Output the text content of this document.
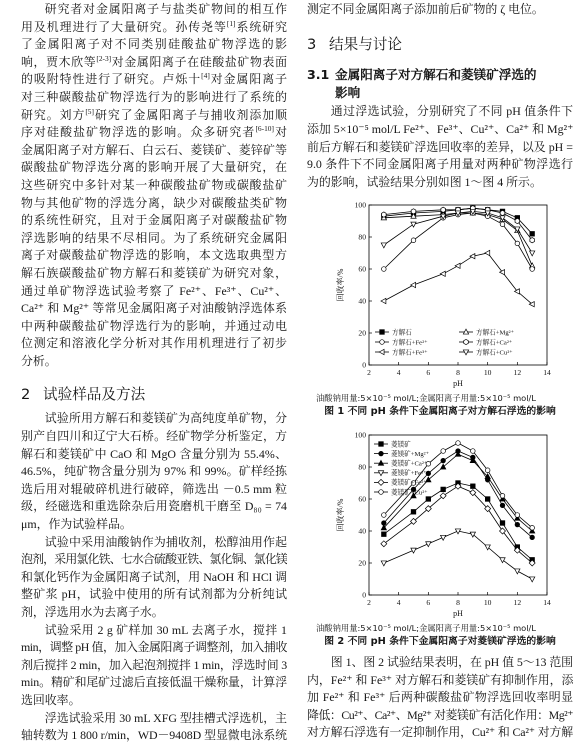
研究者对金属阳离子与盐类矿物间的相互作
用及机理进行了大量研究。孙传尧等[1]系统研究
了金属阳离子对不同类别硅酸盐矿物浮选的影
响，贾木欣等[2-3]对金属阳离子在硅酸盐矿物表面
的吸附特性进行了研究。卢烁十[4]对金属阳离子
对三种碳酸盐矿物浮选行为的影响进行了系统的
研究。刘方[5]研究了金属阳离子与捕收剂添加顺
序对硅酸盐矿物浮选的影响。众多研究者[6-10]对
金属阳离子对方解石、白云石、菱镁矿、菱锌矿等
碳酸盐矿物浮选分离的影响开展了大量研究，在
这些研究中多针对某一种碳酸盐矿物或碳酸盐矿
物与其他矿物的浮选分离，缺少对碳酸盐类矿物
的系统性研究，且对于金属阳离子对碳酸盐矿物
浮选影响的结果不尽相同。为了系统研究金属阳
离子对碳酸盐矿物浮选的影响，本文选取典型方
解石族碳酸盐矿物方解石和菱镁矿为研究对象，
通过单矿物浮选试验考察了 Fe²⁺、Fe³⁺、Cu²⁺、
Ca²⁺ 和 Mg²⁺ 等常见金属阳离子对油酸钠浮选体系
中两种碳酸盐矿物浮选行为的影响，并通过动电
位测定和溶液化学分析对其作用机理进行了初步
分析。
2 试验样品及方法
试验所用方解石和菱镁矿为高纯度单矿物，分
别产自四川和辽宁大石桥。经矿物学分析鉴定，方
解石和菱镁矿中 CaO 和 MgO 含量分别为 55.4%、
46.5%，纯矿物含量分别为 97% 和 99%。矿样经拣
选后用对辊破碎机进行破碎，筛选出 －0.5 mm 粒
级，经磁选和重选除杂后用瓷磨机干磨至 D₈₀ = 74
μm，作为试验样品。
试验中采用油酸钠作为捕收剂，松醇油用作起
泡剂，采用氯化铁、七水合硫酸亚铁、氯化铜、氯化镁
和氯化钙作为金属阳离子试剂，用 NaOH 和 HCl 调
整矿浆 pH，试验中使用的所有试剂都为分析纯试
剂，浮选用水为去离子水。
试验采用 2 g 矿样加 30 mL 去离子水，搅拌 1
min，调整 pH 值，加入金属阳离子调整剂，加入捕收
剂后搅拌 2 min，加入起泡剂搅拌 1 min，浮选时间 3
min。精矿和尾矿过滤后直接低温干燥称量，计算浮
选回收率。
浮选试验采用 30 mL XFG 型挂槽式浮选机，主
轴转数为 1 800 r/min，WD－9408D 型显微电泳系统
测定不同金属阳离子添加前后矿物的 ζ 电位。
3 结果与讨论
3.1 金属阳离子对方解石和菱镁矿浮选的
影响
通过浮选试验，分别研究了不同 pH 值条件下
添加 5×10⁻⁵ mol/L Fe²⁺、Fe³⁺、Cu²⁺、Ca²⁺ 和 Mg²⁺
前后方解石和菱镁矿浮选回收率的差异，以及 pH =
9.0 条件下不同金属阳离子用量对两种矿物浮选行
为的影响，试验结果分别如图 1～图 4 所示。
2	4	6	8	10	12	14
0
20
40
60
80
100
回收率/%
pH
方解石	方解石+Mg²⁺
方解石+Fe²⁺	方解石+Ca²⁺
方解石+Fe³⁺	方解石+Cu²⁺
油酸钠用量:5×10⁻⁵ mol/L;金属阳离子用量:5×10⁻⁵ mol/L
图 1 不同 pH 条件下金属阳离子对方解石浮选的影响
2	4	6	8	10	12	14
0
20
40
60
80
100
回收率/%
pH
菱镁矿
菱镁矿+Mg²⁺
菱镁矿+Ca²⁺
菱镁矿+Fe³⁺
菱镁矿+Fe²⁺
菱镁矿+Cu²⁺
油酸钠用量:5×10⁻⁵ mol/L;金属阳离子用量:5×10⁻⁵ mol/L
图 2 不同 pH 条件下金属阳离子对菱镁矿浮选的影响
图 1、图 2 试验结果表明，在 pH 值 5～13 范围
内，Fe²⁺ 和 Fe³⁺ 对方解石和菱镁矿有抑制作用，添
加 Fe²⁺ 和 Fe³⁺ 后两种碳酸盐矿物浮选回收率明显
降低：Cu²⁺、Ca²⁺、Mg²⁺ 对菱镁矿有活化作用：Mg²⁺
对方解石浮选有一定抑制作用，Cu²⁺ 和 Ca²⁺ 对方解
